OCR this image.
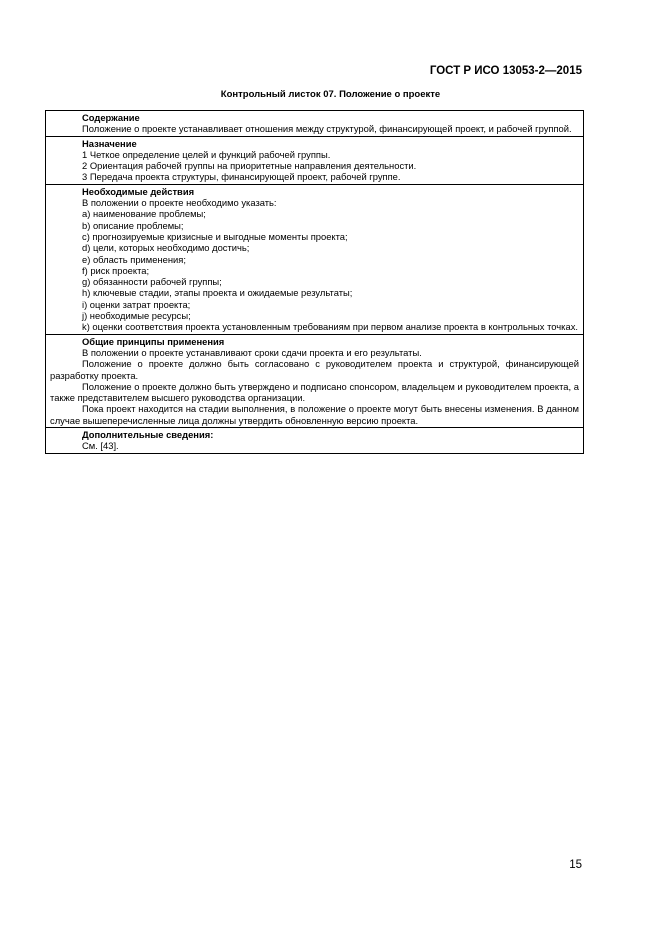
ГОСТ Р ИСО 13053-2—2015
Контрольный листок 07. Положение о проекте
Содержание
Положение о проекте устанавливает отношения между структурой, финансирующей проект, и рабочей группой.
Назначение
1 Четкое определение целей и функций рабочей группы.
2 Ориентация рабочей группы на приоритетные направления деятельности.
3 Передача проекта структуры, финансирующей проект, рабочей группе.
Необходимые действия
В положении о проекте необходимо указать:
a) наименование проблемы;
b) описание проблемы;
c) прогнозируемые кризисные и выгодные моменты проекта;
d) цели, которых необходимо достичь;
e) область применения;
f) риск проекта;
g) обязанности рабочей группы;
h) ключевые стадии, этапы проекта и ожидаемые результаты;
i) оценки затрат проекта;
j) необходимые ресурсы;
k) оценки соответствия проекта установленным требованиям при первом анализе проекта в контрольных точках.
Общие принципы применения
В положении о проекте устанавливают сроки сдачи проекта и его результаты.
Положение о проекте должно быть согласовано с руководителем проекта и структурой, финансирующей разработку проекта.
Положение о проекте должно быть утверждено и подписано спонсором, владельцем и руководителем проекта, а также представителем высшего руководства организации.
Пока проект находится на стадии выполнения, в положение о проекте могут быть внесены изменения. В данном случае вышеперечисленные лица должны утвердить обновленную версию проекта.
Дополнительные сведения:
См. [43].
15
